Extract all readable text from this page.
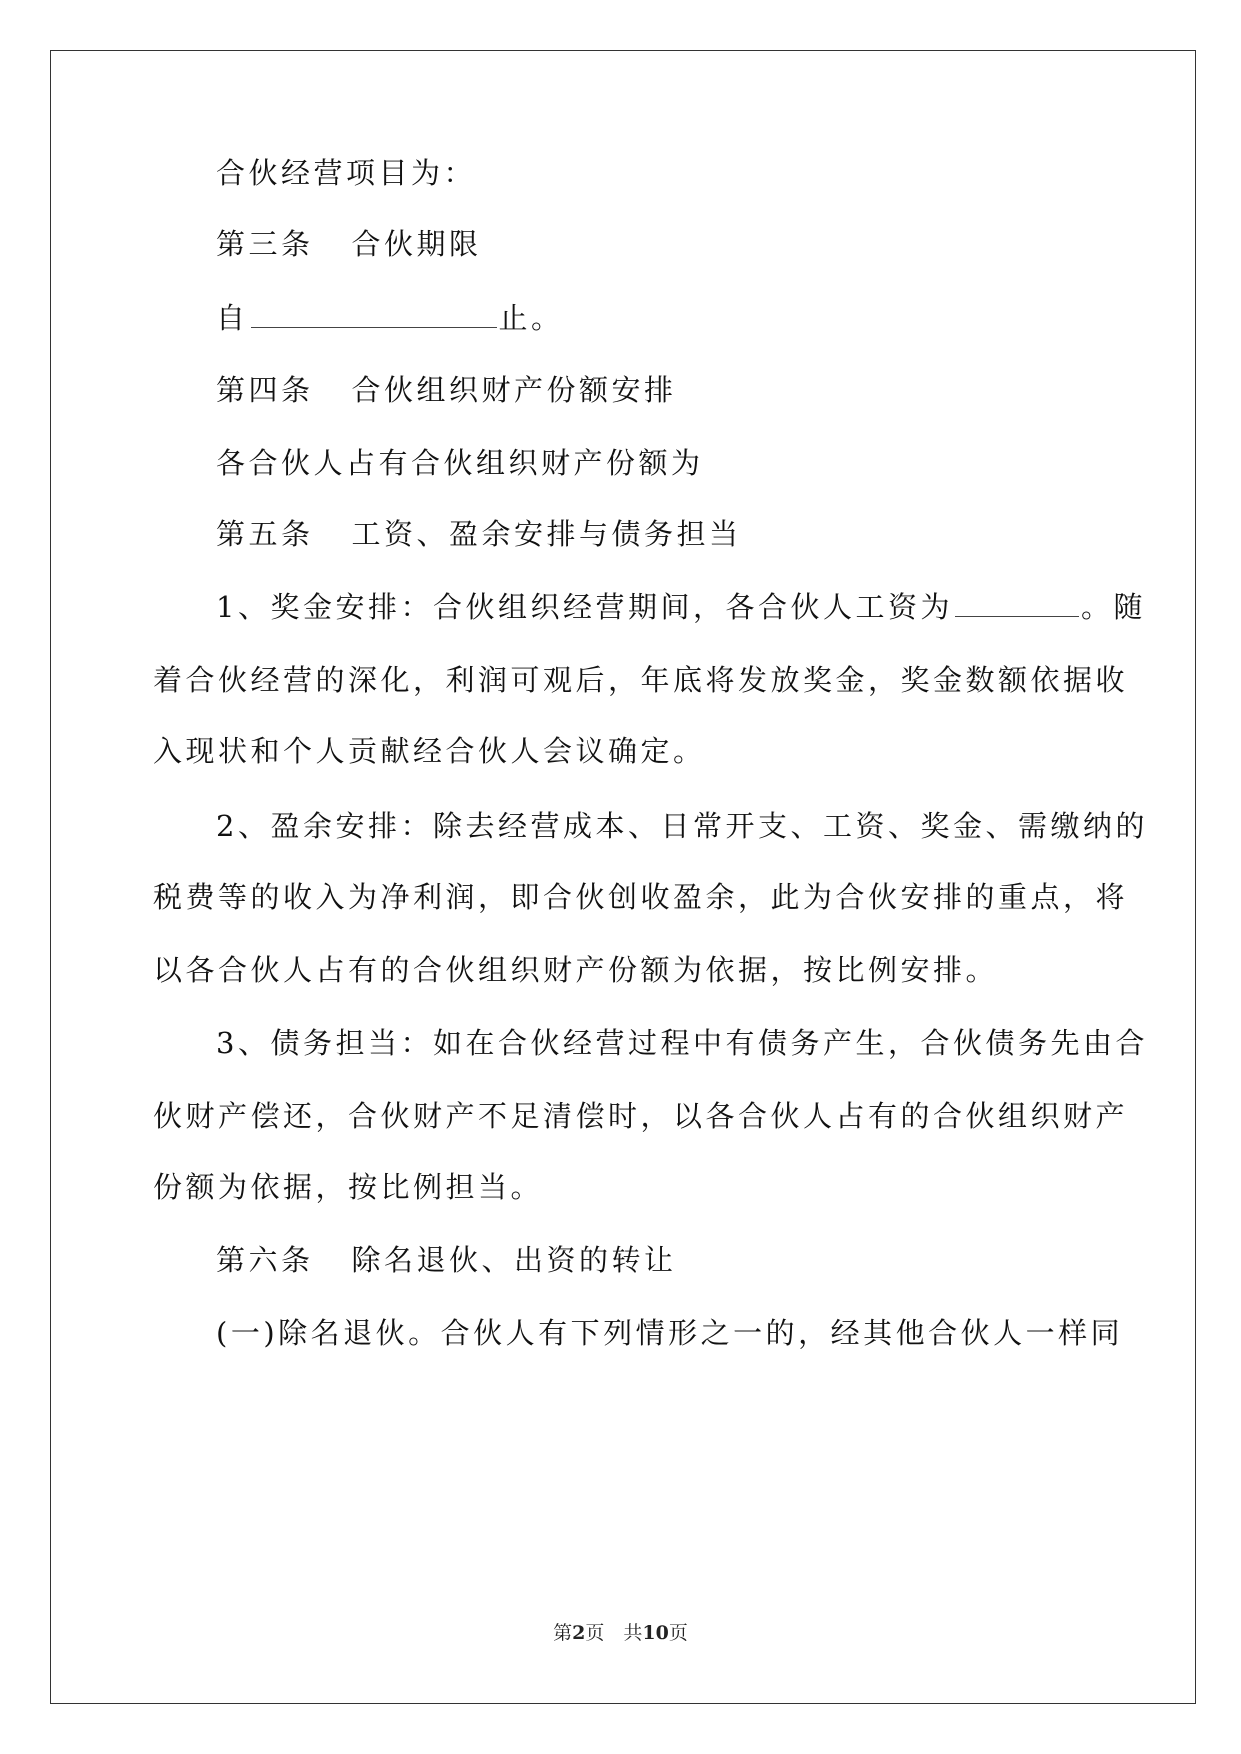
合伙经营项目为：

第三条 合伙期限

自	止。

第四条 合伙组织财产份额安排

各合伙人占有合伙组织财产份额为

第五条 工资、盈余安排与债务担当

1、奖金安排：合伙组织经营期间，各合伙人工资为	。随

着合伙经营的深化，利润可观后，年底将发放奖金，奖金数额依据收

入现状和个人贡献经合伙人会议确定。

2、盈余安排：除去经营成本、日常开支、工资、奖金、需缴纳的

税费等的收入为净利润，即合伙创收盈余，此为合伙安排的重点，将

以各合伙人占有的合伙组织财产份额为依据，按比例安排。

3、债务担当：如在合伙经营过程中有债务产生，合伙债务先由合

伙财产偿还，合伙财产不足清偿时，以各合伙人占有的合伙组织财产

份额为依据，按比例担当。

第六条 除名退伙、出资的转让

(一)除名退伙。合伙人有下列情形之一的，经其他合伙人一样同

第2页　共10页
